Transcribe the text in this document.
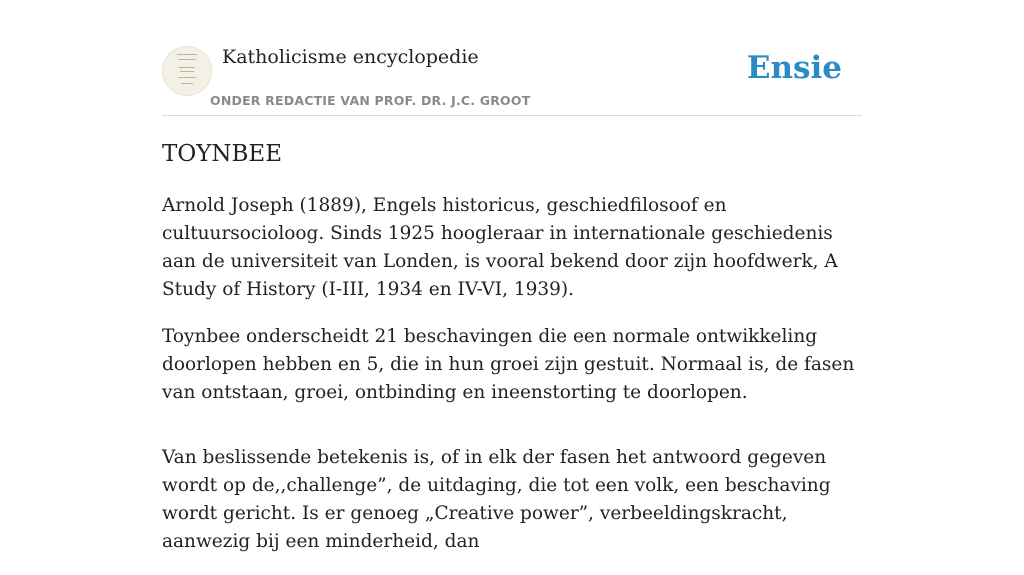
Katholicisme encyclopedie
ONDER REDACTIE VAN PROF. DR. J.C. GROOT
Ensie
TOYNBEE

Arnold Joseph (1889), Engels historicus, geschiedfilosoof en cultuursocioloog. Sinds 1925 hoogleraar in internationale geschiedenis aan de universiteit van Londen, is vooral bekend door zijn hoofdwerk, A Study of History (I-III, 1934 en IV-VI, 1939).

Toynbee onderscheidt 21 beschavingen die een normale ontwikkeling doorlopen hebben en 5, die in hun groei zijn gestuit. Normaal is, de fasen van ontstaan, groei, ontbinding en ineenstorting te doorlopen.

Van beslissende betekenis is, of in elk der fasen het antwoord gegeven wordt op de,,challenge”, de uitdaging, die tot een volk, een beschaving wordt gericht. Is er genoeg „Creative power”, verbeeldingskracht, aanwezig bij een minderheid, dan
